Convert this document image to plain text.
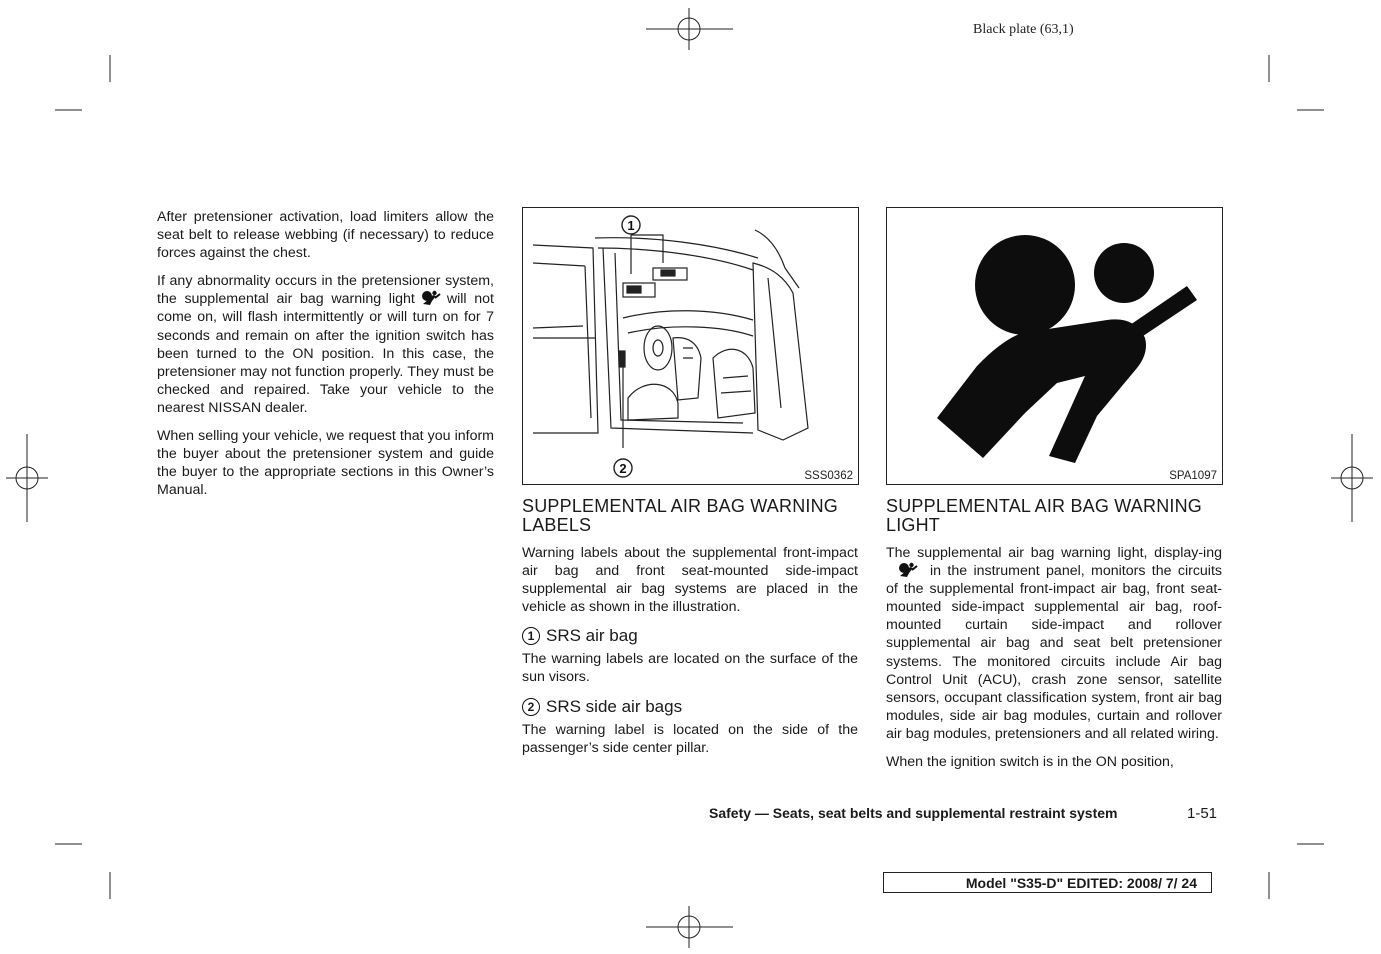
Black plate (63,1)

After pretensioner activation, load limiters allow the seat belt to release webbing (if necessary) to reduce forces against the chest.

If any abnormality occurs in the pretensioner system, the supplemental air bag warning light will not come on, will flash intermittently or will turn on for 7 seconds and remain on after the ignition switch has been turned to the ON position. In this case, the pretensioner may not function properly. They must be checked and repaired. Take your vehicle to the nearest NISSAN dealer.

When selling your vehicle, we request that you inform the buyer about the pretensioner system and guide the buyer to the appropriate sections in this Owner’s Manual.

1
2	SSS0362	SPA1097
SUPPLEMENTAL AIR BAG WARNING LABELS

Warning labels about the supplemental front-impact air bag and front seat-mounted side-impact supplemental air bag systems are placed in the vehicle as shown in the illustration.

1 SRS air bag

The warning labels are located on the surface of the sun visors.

2 SRS side air bags

The warning label is located on the side of the passenger’s side center pillar.

SUPPLEMENTAL AIR BAG WARNING LIGHT

The supplemental air bag warning light, display-ingin the instrument panel, monitors the circuits of the supplemental front-impact air bag, front seat-mounted side-impact supplemental air bag, roof-mounted curtain side-impact and rollover supplemental air bag and seat belt pretensioner systems. The monitored circuits include Air bag Control Unit (ACU), crash zone sensor, satellite sensors, occupant classification system, front air bag modules, side air bag modules, curtain and rollover air bag modules, pretensioners and all related wiring.

When the ignition switch is in the ON position,

Safety — Seats, seat belts and supplemental restraint system	1-51
Model "S35-D" EDITED: 2008/ 7/ 24
